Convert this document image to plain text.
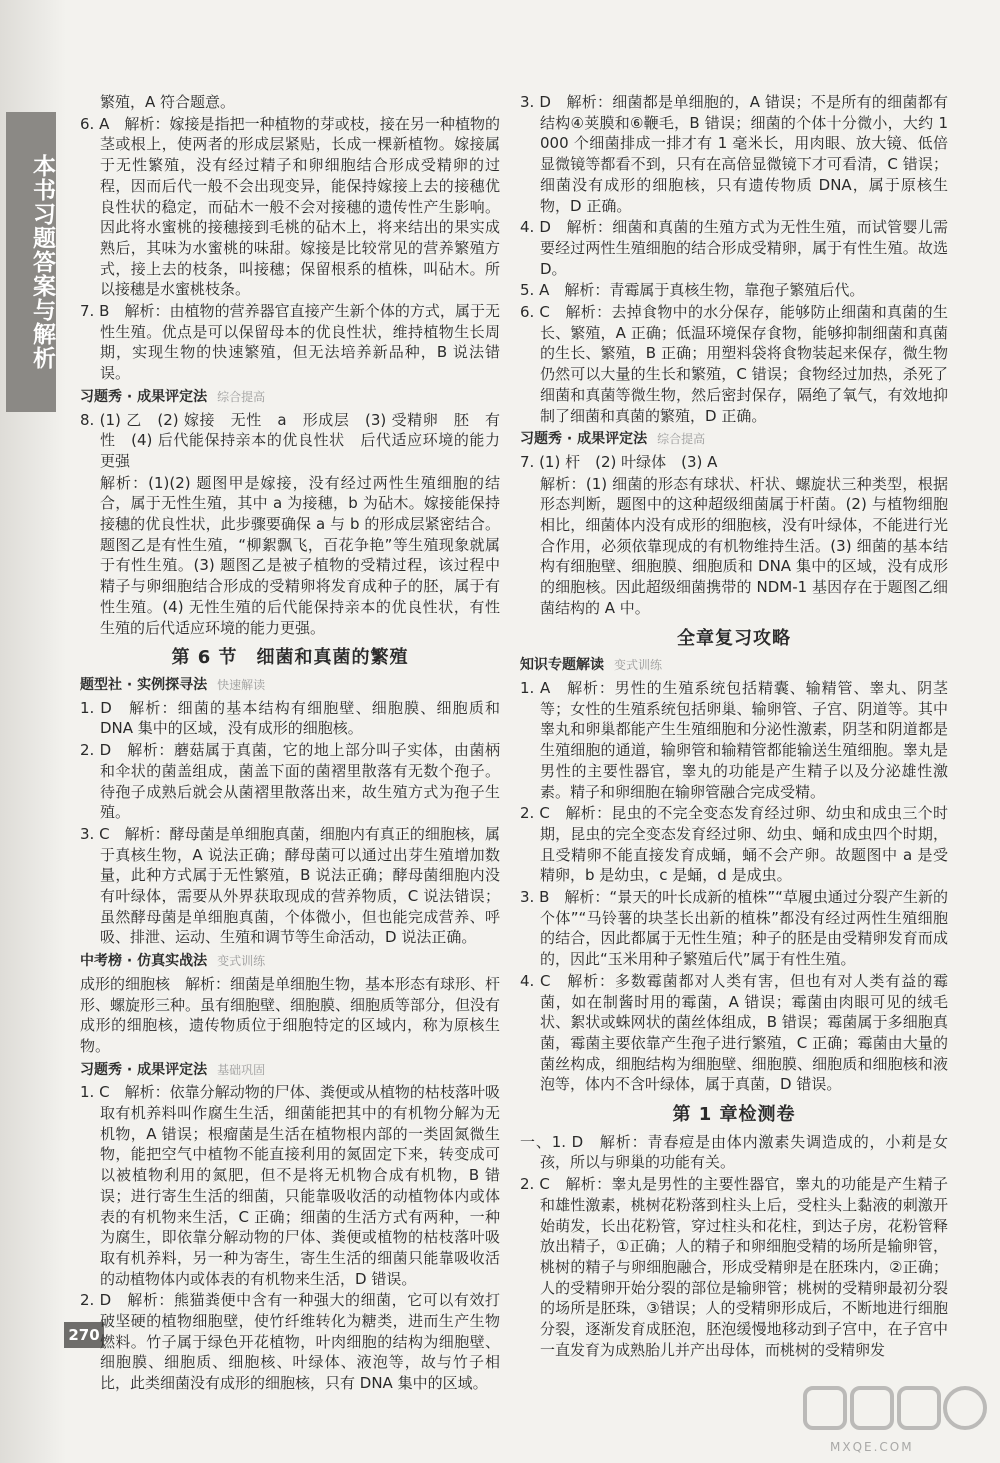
本书习题答案与解析
270

繁殖，A 符合题意。

6. A　解析：嫁接是指把一种植物的芽或枝，接在另一种植物的茎或根上，使两者的形成层紧贴，长成一棵新植物。嫁接属于无性繁殖，没有经过精子和卵细胞结合形成受精卵的过程，因而后代一般不会出现变异，能保持嫁接上去的接穗优良性状的稳定，而砧木一般不会对接穗的遗传性产生影响。因此将水蜜桃的接穗接到毛桃的砧木上，将来结出的果实成熟后，其味为水蜜桃的味甜。嫁接是比较常见的营养繁殖方式，接上去的枝条，叫接穗；保留根系的植株，叫砧木。所以接穗是水蜜桃枝条。

7. B　解析：由植物的营养器官直接产生新个体的方式，属于无性生殖。优点是可以保留母本的优良性状，维持植物生长周期，实现生物的快速繁殖，但无法培养新品种，B 说法错误。

习题秀 · 成果评定法 综合提高

8. (1) 乙　(2) 嫁接　无性　a　形成层　(3) 受精卵　胚　有性　(4) 后代能保持亲本的优良性状　后代适应环境的能力更强

解析：(1)(2) 题图甲是嫁接，没有经过两性生殖细胞的结合，属于无性生殖，其中 a 为接穗，b 为砧木。嫁接能保持接穗的优良性状，此步骤要确保 a 与 b 的形成层紧密结合。题图乙是有性生殖，“柳絮飘飞，百花争艳”等生殖现象就属于有性生殖。(3) 题图乙是被子植物的受精过程，该过程中精子与卵细胞结合形成的受精卵将发育成种子的胚，属于有性生殖。(4) 无性生殖的后代能保持亲本的优良性状，有性生殖的后代适应环境的能力更强。

第 6 节　细菌和真菌的繁殖
题型社 · 实例探寻法 快速解读

1. D　解析：细菌的基本结构有细胞壁、细胞膜、细胞质和 DNA 集中的区域，没有成形的细胞核。

2. D　解析：蘑菇属于真菌，它的地上部分叫子实体，由菌柄和伞状的菌盖组成，菌盖下面的菌褶里散落有无数个孢子。待孢子成熟后就会从菌褶里散落出来，故生殖方式为孢子生殖。

3. C　解析：酵母菌是单细胞真菌，细胞内有真正的细胞核，属于真核生物，A 说法正确；酵母菌可以通过出芽生殖增加数量，此种方式属于无性繁殖，B 说法正确；酵母菌细胞内没有叶绿体，需要从外界获取现成的营养物质，C 说法错误；虽然酵母菌是单细胞真菌，个体微小，但也能完成营养、呼吸、排泄、运动、生殖和调节等生命活动，D 说法正确。

中考榜 · 仿真实战法 变式训练

成形的细胞核　解析：细菌是单细胞生物，基本形态有球形、杆形、螺旋形三种。虽有细胞壁、细胞膜、细胞质等部分，但没有成形的细胞核，遗传物质位于细胞特定的区域内，称为原核生物。

习题秀 · 成果评定法 基础巩固

1. C　解析：依靠分解动物的尸体、粪便或从植物的枯枝落叶吸取有机养料叫作腐生生活，细菌能把其中的有机物分解为无机物，A 错误；根瘤菌是生活在植物根内部的一类固氮微生物，能把空气中植物不能直接利用的氮固定下来，转变成可以被植物利用的氮肥，但不是将无机物合成有机物，B 错误；进行寄生生活的细菌，只能靠吸收活的动植物体内或体表的有机物来生活，C 正确；细菌的生活方式有两种，一种为腐生，即依靠分解动物的尸体、粪便或植物的枯枝落叶吸取有机养料，另一种为寄生，寄生生活的细菌只能靠吸收活的动植物体内或体表的有机物来生活，D 错误。

2. D　解析：熊猫粪便中含有一种强大的细菌，它可以有效打破坚硬的植物细胞壁，使竹纤维转化为糖类，进而生产生物燃料。竹子属于绿色开花植物，叶肉细胞的结构为细胞壁、细胞膜、细胞质、细胞核、叶绿体、液泡等，故与竹子相比，此类细菌没有成形的细胞核，只有 DNA 集中的区域。

3. D　解析：细菌都是单细胞的，A 错误；不是所有的细菌都有结构④荚膜和⑥鞭毛，B 错误；细菌的个体十分微小，大约 1 000 个细菌排成一排才有 1 毫米长，用肉眼、放大镜、低倍显微镜等都看不到，只有在高倍显微镜下才可看清，C 错误；细菌没有成形的细胞核，只有遗传物质 DNA，属于原核生物，D 正确。

4. D　解析：细菌和真菌的生殖方式为无性生殖，而试管婴儿需要经过两性生殖细胞的结合形成受精卵，属于有性生殖。故选 D。

5. A　解析：青霉属于真核生物，靠孢子繁殖后代。

6. C　解析：去掉食物中的水分保存，能够防止细菌和真菌的生长、繁殖，A 正确；低温环境保存食物，能够抑制细菌和真菌的生长、繁殖，B 正确；用塑料袋将食物装起来保存，微生物仍然可以大量的生长和繁殖，C 错误；食物经过加热，杀死了细菌和真菌等微生物，然后密封保存，隔绝了氧气，有效地抑制了细菌和真菌的繁殖，D 正确。

习题秀 · 成果评定法 综合提高

7. (1) 杆　(2) 叶绿体　(3) A

解析：(1) 细菌的形态有球状、杆状、螺旋状三种类型，根据形态判断，题图中的这种超级细菌属于杆菌。(2) 与植物细胞相比，细菌体内没有成形的细胞核，没有叶绿体，不能进行光合作用，必须依靠现成的有机物维持生活。(3) 细菌的基本结构有细胞壁、细胞膜、细胞质和 DNA 集中的区域，没有成形的细胞核。因此超级细菌携带的 NDM-1 基因存在于题图乙细菌结构的 A 中。

全章复习攻略
知识专题解读 变式训练

1. A　解析：男性的生殖系统包括精囊、输精管、睾丸、阴茎等；女性的生殖系统包括卵巢、输卵管、子宫、阴道等。其中睾丸和卵巢都能产生生殖细胞和分泌性激素，阴茎和阴道都是生殖细胞的通道，输卵管和输精管都能输送生殖细胞。睾丸是男性的主要性器官，睾丸的功能是产生精子以及分泌雄性激素。精子和卵细胞在输卵管融合完成受精。

2. C　解析：昆虫的不完全变态发育经过卵、幼虫和成虫三个时期，昆虫的完全变态发育经过卵、幼虫、蛹和成虫四个时期，且受精卵不能直接发育成蛹，蛹不会产卵。故题图中 a 是受精卵，b 是幼虫，c 是蛹，d 是成虫。

3. B　解析：“景天的叶长成新的植株”“草履虫通过分裂产生新的个体”“马铃薯的块茎长出新的植株”都没有经过两性生殖细胞的结合，因此都属于无性生殖；种子的胚是由受精卵发育而成的，因此“玉米用种子繁殖后代”属于有性生殖。

4. C　解析：多数霉菌都对人类有害，但也有对人类有益的霉菌，如在制酱时用的霉菌，A 错误；霉菌由肉眼可见的绒毛状、絮状或蛛网状的菌丝体组成，B 错误；霉菌属于多细胞真菌，霉菌主要依靠产生孢子进行繁殖，C 正确；霉菌由大量的菌丝构成，细胞结构为细胞壁、细胞膜、细胞质和细胞核和液泡等，体内不含叶绿体，属于真菌，D 错误。

第 1 章检测卷

一、1. D　解析：青春痘是由体内激素失调造成的，小莉是女孩，所以与卵巢的功能有关。

2. C　解析：睾丸是男性的主要性器官，睾丸的功能是产生精子和雄性激素，桃树花粉落到柱头上后，受柱头上黏液的刺激开始萌发，长出花粉管，穿过柱头和花柱，到达子房，花粉管释放出精子，①正确；人的精子和卵细胞受精的场所是输卵管，桃树的精子与卵细胞融合，形成受精卵是在胚珠内，②正确；人的受精卵开始分裂的部位是输卵管；桃树的受精卵最初分裂的场所是胚珠，③错误；人的受精卵形成后，不断地进行细胞分裂，逐渐发育成胚泡，胚泡缓慢地移动到子宫中，在子宫中一直发育为成熟胎儿并产出母体，而桃树的受精卵发

MXQE.COM
